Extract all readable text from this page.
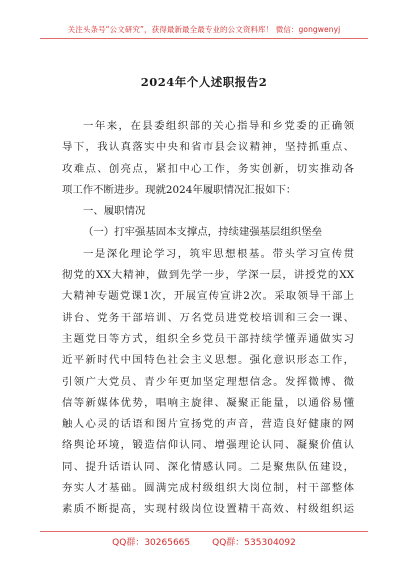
关注头条号“公文研究”，获得最新最全最专业的公文资料库！ 微信：gongwenyj
2024年个人述职报告2
一年来，在县委组织部的关心指导和乡党委的正确领
导下，我认真落实中央和省市县会议精神，坚持抓重点、
攻难点、创亮点，紧扣中心工作，务实创新，切实推动各
项工作不断进步。现就2024年履职情况汇报如下：
一、履职情况
（一）打牢强基固本支撑点，持续建强基层组织堡垒
一是深化理论学习，筑牢思想根基。带头学习宣传贯
彻党的XX大精神，做到先学一步，学深一层，讲授党的XX
大精神专题党课1次，开展宣传宣讲2次。采取领导干部上
讲台、党务干部培训、万名党员进党校培训和三会一课、
主题党日等方式，组织全乡党员干部持续学懂弄通做实习
近平新时代中国特色社会主义思想。强化意识形态工作，
引领广大党员、青少年更加坚定理想信念。发挥微博、微
信等新媒体优势，唱响主旋律、凝聚正能量，以通俗易懂
触人心灵的话语和图片宣扬党的声音，营造良好健康的网
络舆论环境，锻造信仰认同、增强理论认同、凝聚价值认
同、提升话语认同、深化情感认同。二是聚焦队伍建设，
夯实人才基础。圆满完成村级组织大岗位制，村干部整体
素质不断提高，实现村级岗位设置精干高效、村级组织运
QQ群：30265665 QQ群：535304092
